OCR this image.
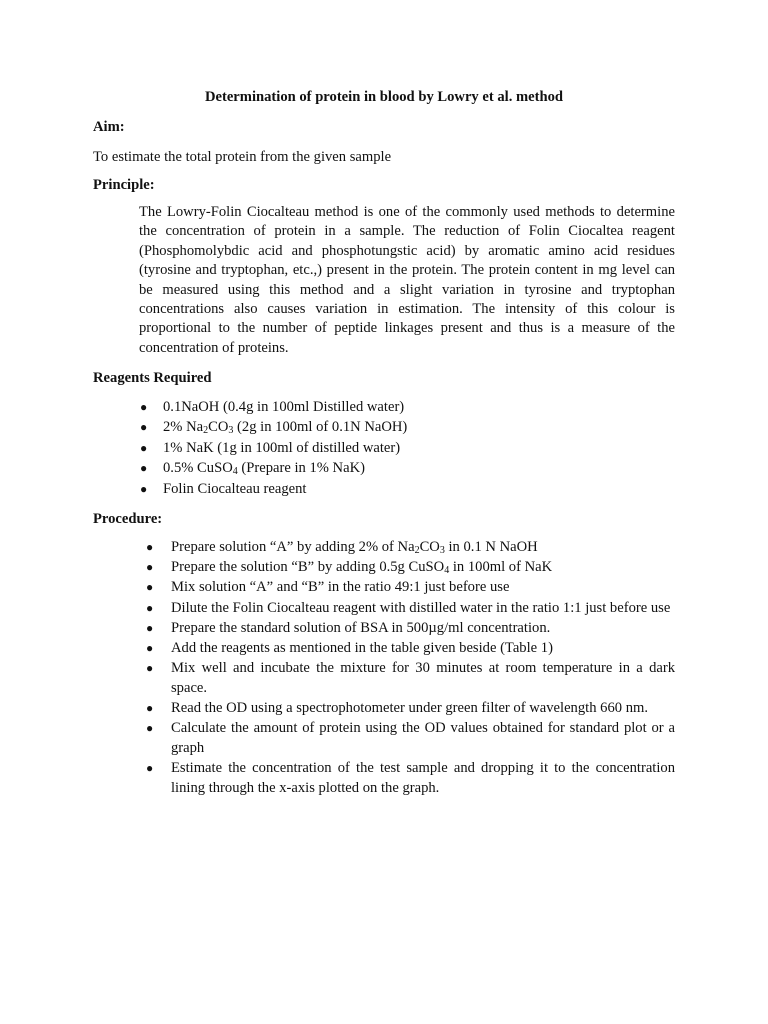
Determination of protein in blood by Lowry et al. method
Aim:
To estimate the total protein from the given sample
Principle:
The Lowry-Folin Ciocalteau method is one of the commonly used methods to determine the concentration of protein in a sample. The reduction of Folin Ciocaltea reagent (Phosphomolybdic acid and phosphotungstic acid) by aromatic amino acid residues (tyrosine and tryptophan, etc.,) present in the protein. The protein content in mg level can be measured using this method and a slight variation in tyrosine and tryptophan concentrations also causes variation in estimation. The intensity of this colour is proportional to the number of peptide linkages present and thus is a measure of the concentration of proteins.
Reagents Required
● 0.1NaOH (0.4g in 100ml Distilled water)
● 2% $Na_2CO_3$ (2g in 100ml of 0.1N NaOH)
● 1% NaK (1g in 100ml of distilled water)
● 0.5% CuSO$_4$ (Prepare in 1% NaK)
● Folin Ciocalteau reagent
Procedure:
● Prepare solution “A” by adding 2% of $Na_2CO_3$ in 0.1 N NaOH
● Prepare the solution “B” by adding 0.5g CuSO$_4$ in 100ml of NaK
● Mix solution “A” and “B” in the ratio 49:1 just before use
● Dilute the Folin Ciocalteau reagent with distilled water in the ratio 1:1 just before use
● Prepare the standard solution of BSA in 500µg/ml concentration.
● Add the reagents as mentioned in the table given beside (Table 1)
● Mix well and incubate the mixture for 30 minutes at room temperature in a dark space.
● Read the OD using a spectrophotometer under green filter of wavelength 660 nm.
● Calculate the amount of protein using the OD values obtained for standard plot or a graph
● Estimate the concentration of the test sample and dropping it to the concentration lining through the x-axis plotted on the graph.
